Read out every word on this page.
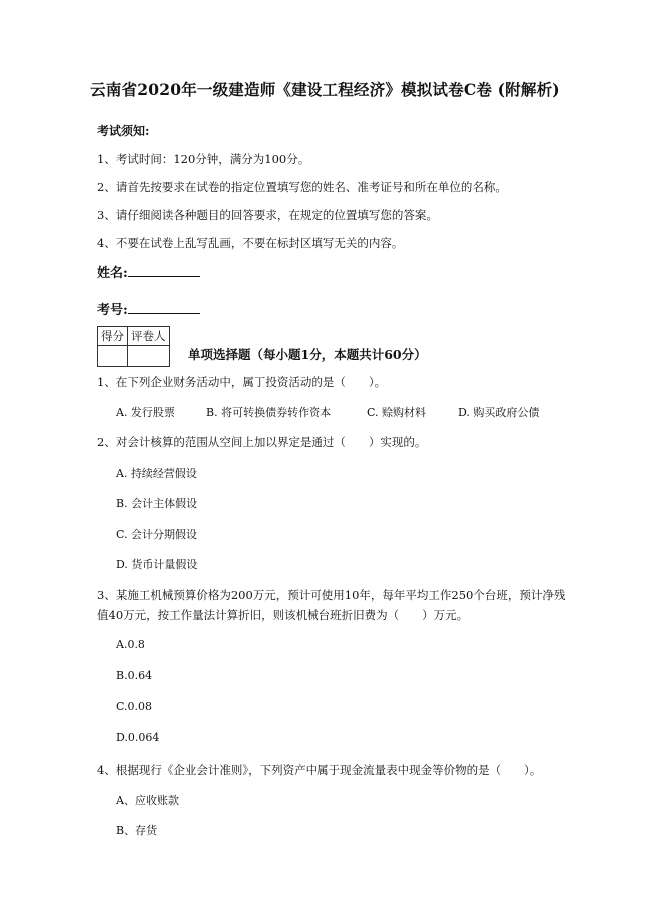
云南省2020年一级建造师《建设工程经济》模拟试卷C卷 (附解析)
考试须知:
1、考试时间：120分钟，满分为100分。
2、请首先按要求在试卷的指定位置填写您的姓名、准考证号和所在单位的名称。
3、请仔细阅读各种题目的回答要求，在规定的位置填写您的答案。
4、不要在试卷上乱写乱画，不要在标封区填写无关的内容。
姓名:
考号:
得分	评卷人

单项选择题（每小题1分，本题共计60分）
1、在下列企业财务活动中，属丁投资活动的是（　　）。
A. 发行股票	B. 将可转换债券转作资本	C. 赊购材料	D. 购买政府公债
2、对会计核算的范围从空间上加以界定是通过（　　）实现的。
A. 持续经营假设
B. 会计主体假设
C. 会计分期假设
D. 货币计量假设
3、某施工机械预算价格为200万元，预计可使用10年，每年平均工作250个台班，预计净残
值40万元，按工作量法计算折旧，则该机械台班折旧费为（　　）万元。
A.0.8
B.0.64
C.0.08
D.0.064
4、根据现行《企业会计准则》，下列资产中属于现金流量表中现金等价物的是（　　）。
A、应收账款
B、存货
